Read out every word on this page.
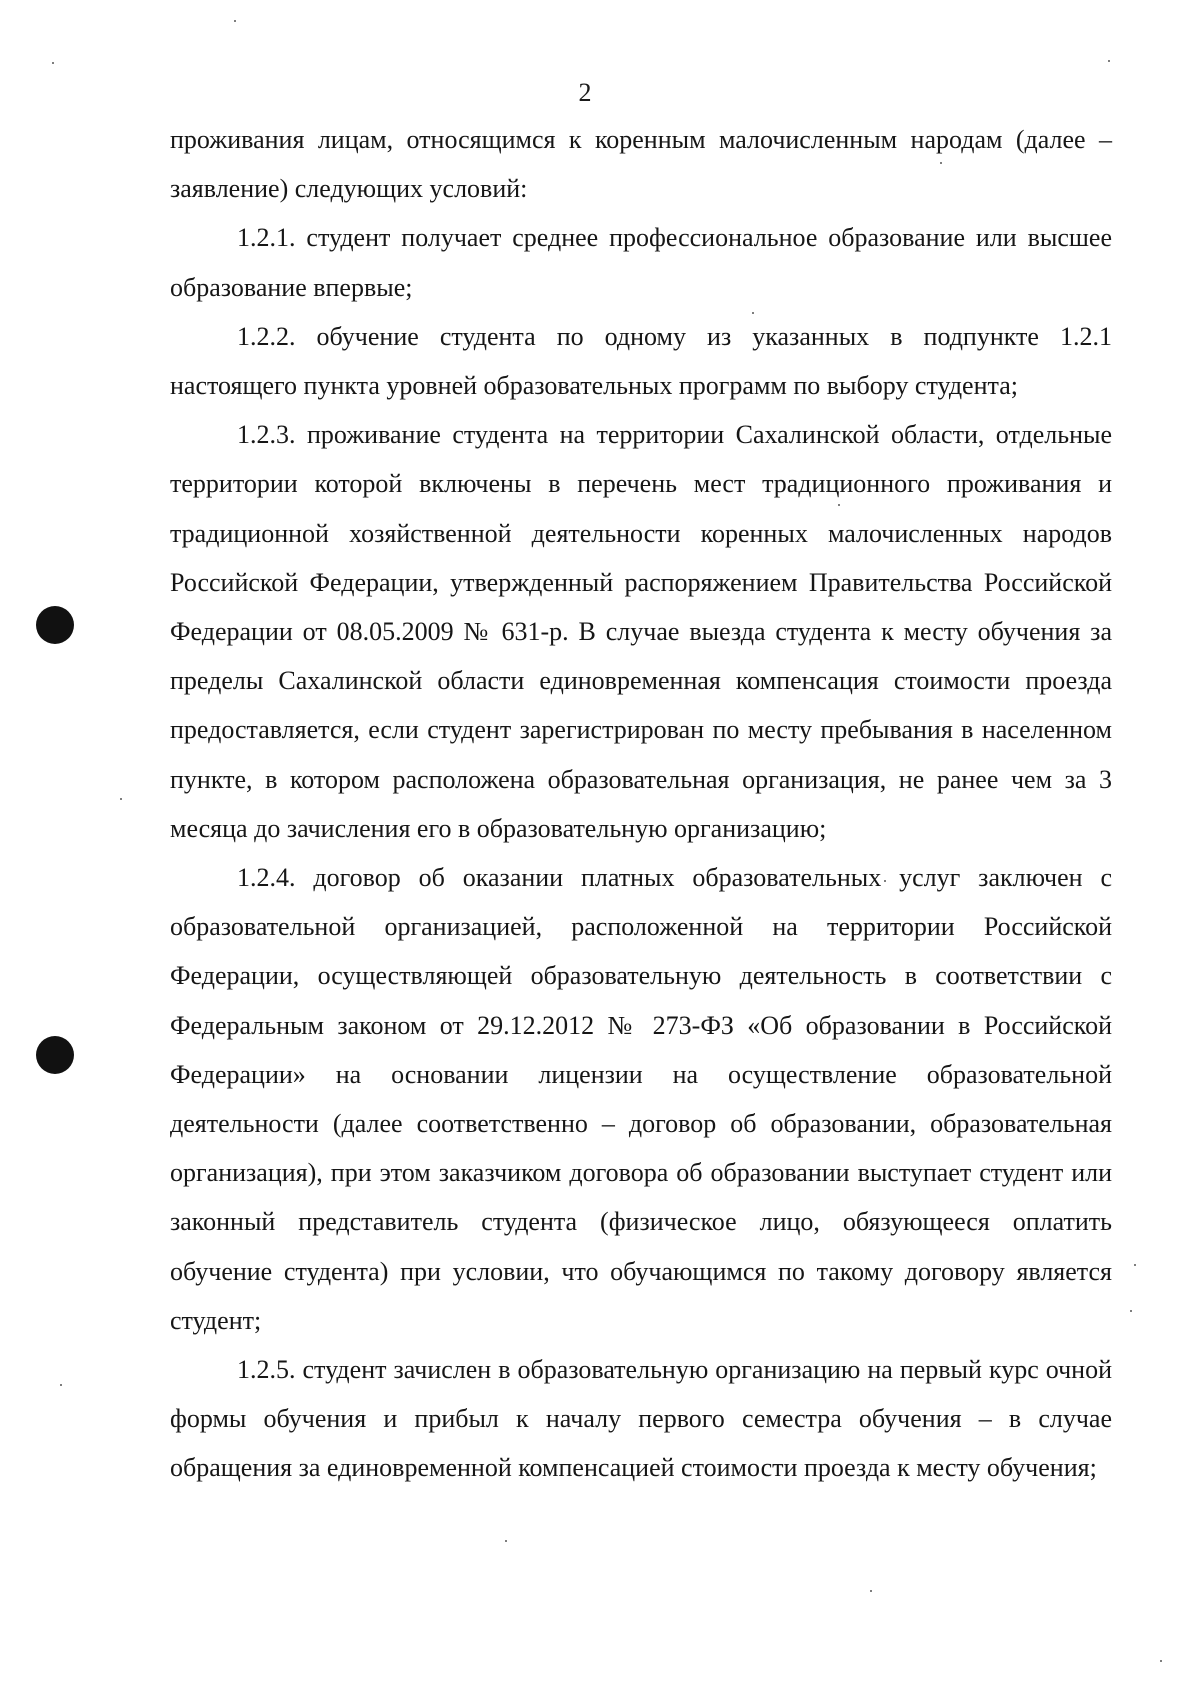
2

проживания лицам, относящимся к коренным малочисленным народам (далее – заявление) следующих условий:

1.2.1. студент получает среднее профессиональное образование или высшее образование впервые;

1.2.2. обучение студента по одному из указанных в подпункте 1.2.1 настоящего пункта уровней образовательных программ по выбору студента;

1.2.3. проживание студента на территории Сахалинской области, отдельные территории которой включены в перечень мест традиционного проживания и традиционной хозяйственной деятельности коренных малочисленных народов Российской Федерации, утвержденный распоряжением Правительства Российской Федерации от 08.05.2009 № 631-р. В случае выезда студента к месту обучения за пределы Сахалинской области единовременная компенсация стоимости проезда предоставляется, если студент зарегистрирован по месту пребывания в населенном пункте, в котором расположена образовательная организация, не ранее чем за 3 месяца до зачисления его в образовательную организацию;

1.2.4. договор об оказании платных образовательных услуг заключен с образовательной организацией, расположенной на территории Российской Федерации, осуществляющей образовательную деятельность в соответствии с Федеральным законом от 29.12.2012 № 273-ФЗ «Об образовании в Российской Федерации» на основании лицензии на осуществление образовательной деятельности (далее соответственно – договор об образовании, образовательная организация), при этом заказчиком договора об образовании выступает студент или законный представитель студента (физическое лицо, обязующееся оплатить обучение студента) при условии, что обучающимся по такому договору является студент;

1.2.5. студент зачислен в образовательную организацию на первый курс очной формы обучения и прибыл к началу первого семестра обучения – в случае обращения за единовременной компенсацией стоимости проезда к месту обучения;
